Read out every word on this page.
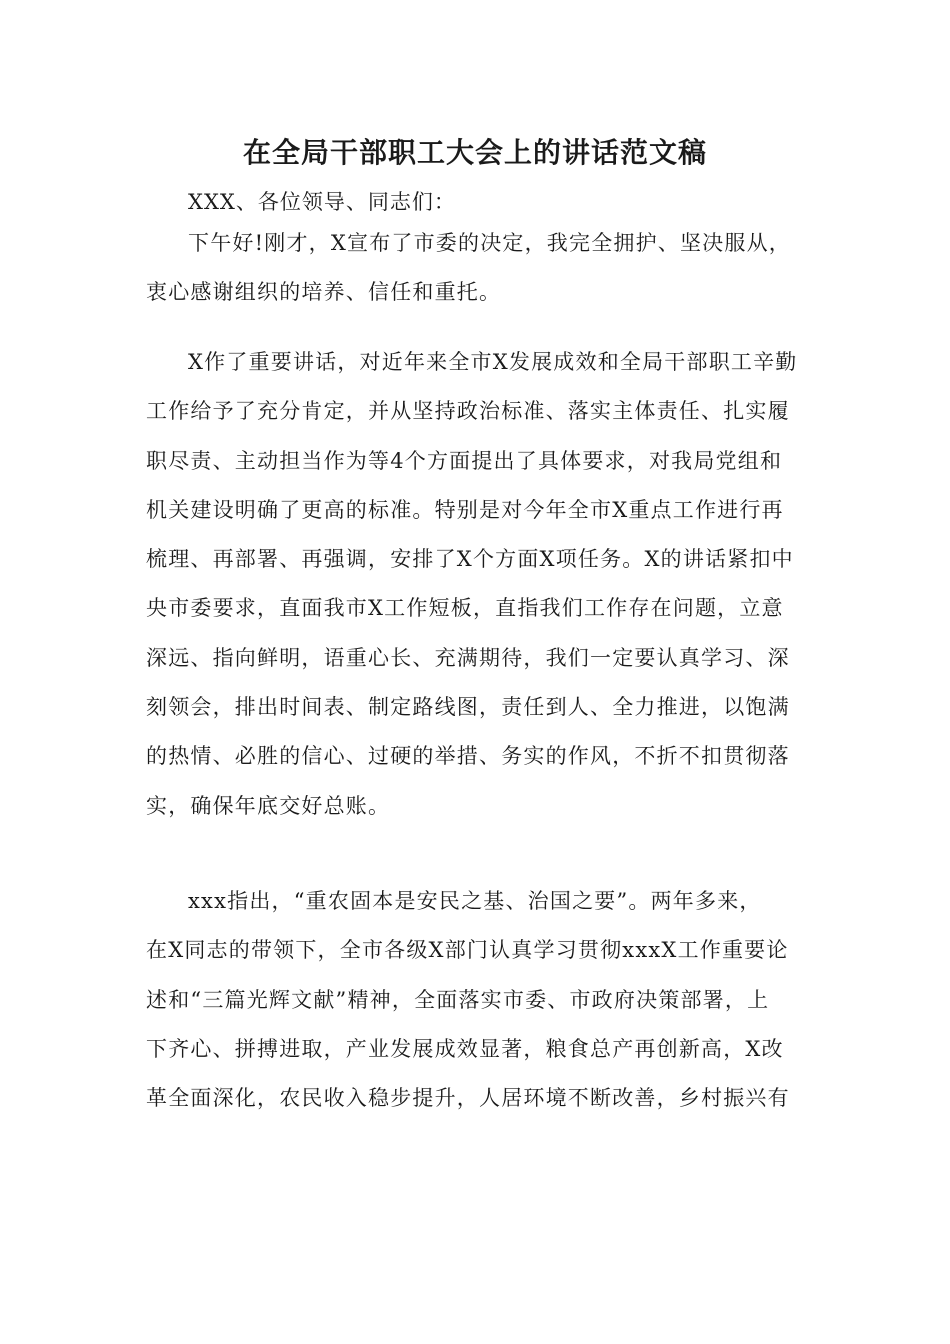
在全局干部职工大会上的讲话范文稿

XXX、各位领导、同志们：

下午好!刚才，X宣布了市委的决定，我完全拥护、坚决服从，
衷心感谢组织的培养、信任和重托。
X作了重要讲话，对近年来全市X发展成效和全局干部职工辛勤
工作给予了充分肯定，并从坚持政治标准、落实主体责任、扎实履
职尽责、主动担当作为等4个方面提出了具体要求，对我局党组和
机关建设明确了更高的标准。特别是对今年全市X重点工作进行再
梳理、再部署、再强调，安排了X个方面X项任务。X的讲话紧扣中
央市委要求，直面我市X工作短板，直指我们工作存在问题，立意
深远、指向鲜明，语重心长、充满期待，我们一定要认真学习、深
刻领会，排出时间表、制定路线图，责任到人、全力推进，以饱满
的热情、必胜的信心、过硬的举措、务实的作风，不折不扣贯彻落
实，确保年底交好总账。
xxx指出，“重农固本是安民之基、治国之要”。两年多来，
在X同志的带领下，全市各级X部门认真学习贯彻xxxX工作重要论
述和“三篇光辉文献”精神，全面落实市委、市政府决策部署，上
下齐心、拼搏进取，产业发展成效显著，粮食总产再创新高，X改
革全面深化，农民收入稳步提升，人居环境不断改善，乡村振兴有
